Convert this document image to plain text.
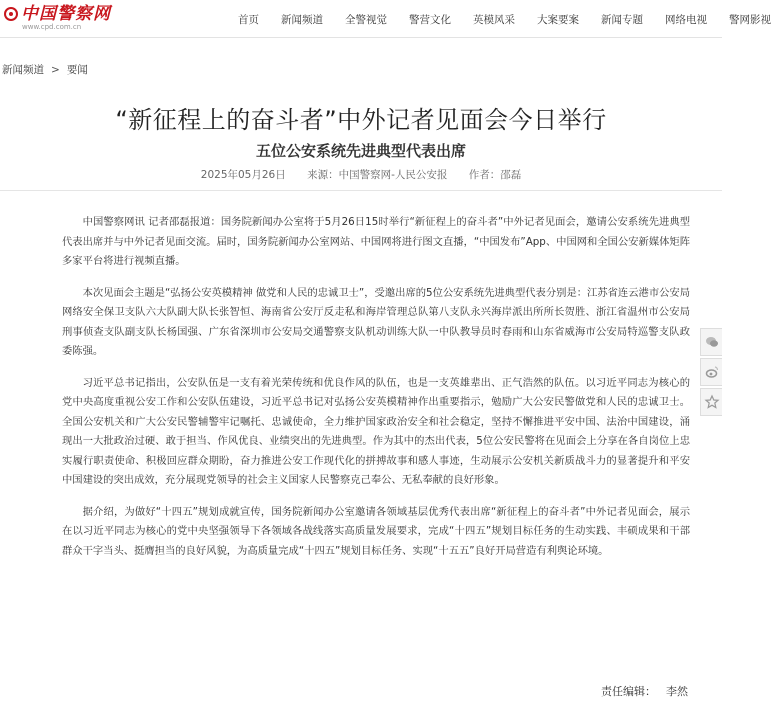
中国警察网
www.cpd.com.cn
首页 新闻频道 全警视觉 警营文化 英模风采 大案要案 新闻专题 网络电视 警网影视
新闻频道 > 要闻
“新征程上的奋斗者”中外记者见面会今日举行
五位公安系统先进典型代表出席
2025年05月26日 来源：中国警察网-人民公安报 作者：邵磊

中国警察网讯 记者邵磊报道：国务院新闻办公室将于5月26日15时举行“新征程上的奋斗者”中外记者见面会，邀请公安系统先进典型代表出席并与中外记者见面交流。届时，国务院新闻办公室网站、中国网将进行图文直播，“中国发布”App、中国网和全国公安新媒体矩阵多家平台将进行视频直播。

本次见面会主题是“弘扬公安英模精神 做党和人民的忠诚卫士”，受邀出席的5位公安系统先进典型代表分别是：江苏省连云港市公安局网络安全保卫支队六大队副大队长张智恒、海南省公安厅反走私和海岸管理总队第八支队永兴海岸派出所所长贺胜、浙江省温州市公安局刑事侦查支队副支队长杨国强、广东省深圳市公安局交通警察支队机动训练大队一中队教导员时春雨和山东省威海市公安局特巡警支队政委陈强。

习近平总书记指出，公安队伍是一支有着光荣传统和优良作风的队伍，也是一支英雄辈出、正气浩然的队伍。以习近平同志为核心的党中央高度重视公安工作和公安队伍建设，习近平总书记对弘扬公安英模精神作出重要指示，勉励广大公安民警做党和人民的忠诚卫士。全国公安机关和广大公安民警辅警牢记嘱托、忠诚使命，全力维护国家政治安全和社会稳定，坚持不懈推进平安中国、法治中国建设，涌现出一大批政治过硬、敢于担当、作风优良、业绩突出的先进典型。作为其中的杰出代表，5位公安民警将在见面会上分享在各自岗位上忠实履行职责使命、积极回应群众期盼，奋力推进公安工作现代化的拼搏故事和感人事迹，生动展示公安机关新质战斗力的显著提升和平安中国建设的突出成效，充分展现党领导的社会主义国家人民警察克己奉公、无私奉献的良好形象。

据介绍，为做好“十四五”规划成就宣传，国务院新闻办公室邀请各领域基层优秀代表出席“新征程上的奋斗者”中外记者见面会，展示在以习近平同志为核心的党中央坚强领导下各领域各战线落实高质量发展要求，完成“十四五”规划目标任务的生动实践、丰硕成果和干部群众干字当头、挺膺担当的良好风貌，为高质量完成“十四五”规划目标任务、实现“十五五”良好开局营造有利舆论环境。

责任编辑： 李然
